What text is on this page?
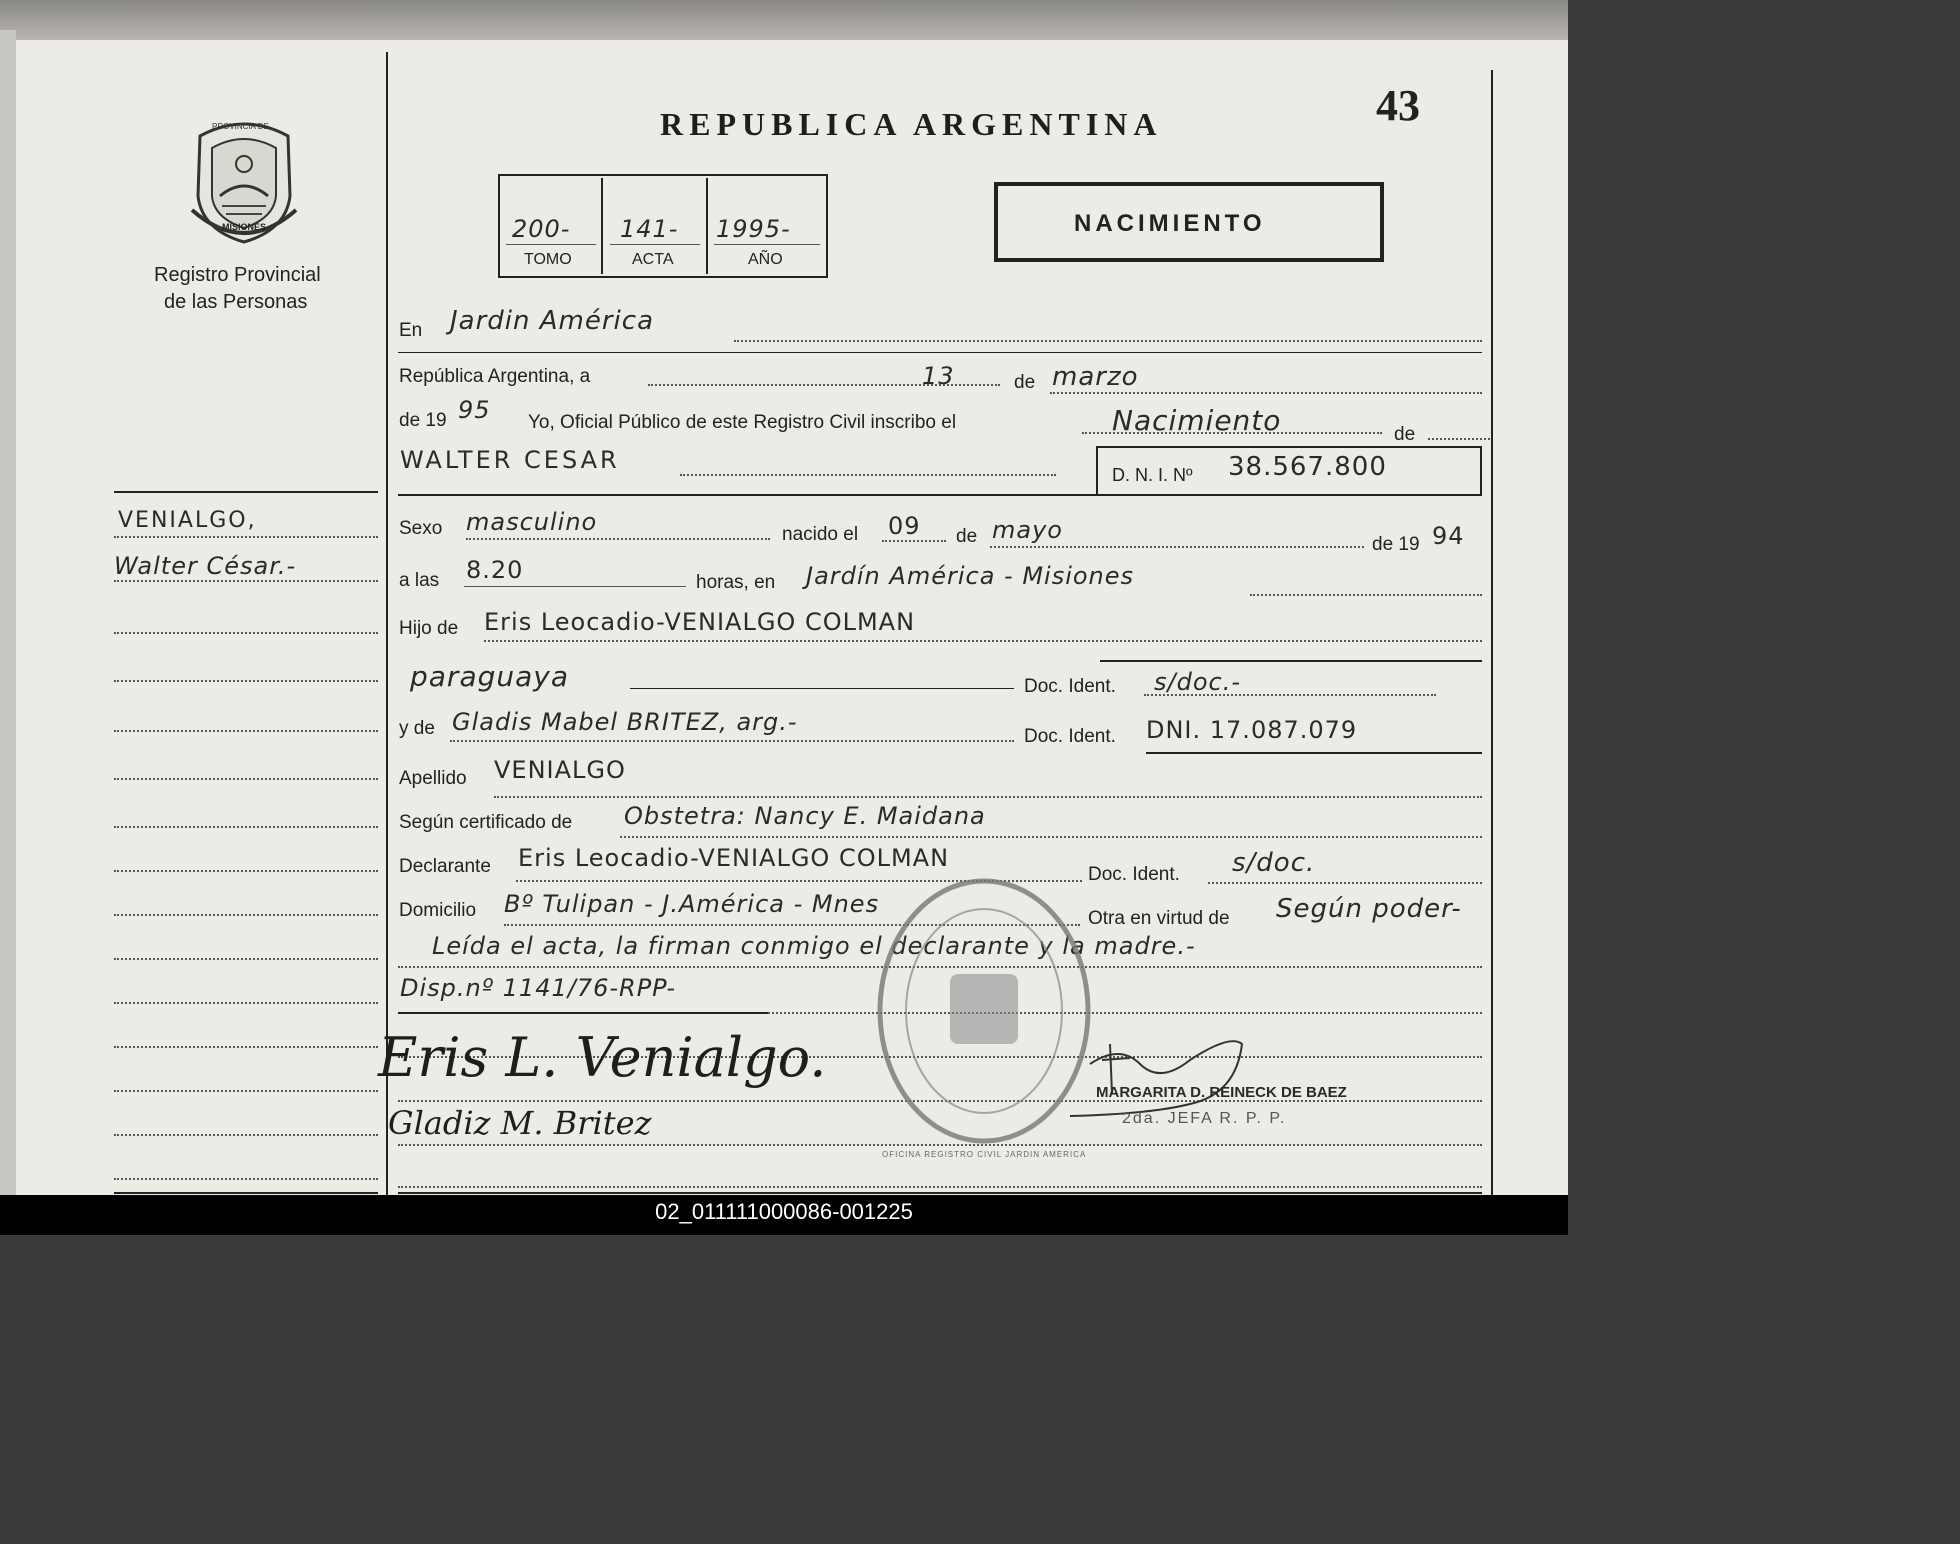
PROVINCIA DE
MISIONES
Registro Provincial
de las Personas
REPUBLICA ARGENTINA	43
200-
TOMO
141-
ACTA
1995-
AÑO
NACIMIENTO
En Jardin América
República Argentina, a	13	de marzo
de 19 95 Yo, Oficial Público de este Registro Civil inscribo el	Nacimiento	de
WALTER CESAR
D. N. I. Nº 38.567.800
VENIALGO,
Walter César.-
Sexo masculino	nacido el 09 de mayo
de 19 94
a las 8.20	horas, en Jardín América - Misiones
Hijo de Eris Leocadio-VENIALGO COLMAN
paraguaya	Doc. Ident. s/doc.-
y de Gladis Mabel BRITEZ, arg.-
Doc. Ident. DNI. 17.087.079
Apellido VENIALGO
Según certificado de Obstetra: Nancy E. Maidana
Declarante Eris Leocadio-VENIALGO COLMAN
Doc. Ident. s/doc.
Domicilio Bº Tulipan - J.América - Mnes
Otra en virtud de Según poder-
Leída el acta, la firman conmigo el declarante y la madre.-
Disp.nº 1141/76-RPP-
OFICINA REGISTRO CIVIL JARDIN AMERICA
Eris L. Venialgo.
Gladiz M. Britez
MARGARITA D. REINECK DE BAEZ
2da. JEFA R. P. P.
02_011111000086-001225
